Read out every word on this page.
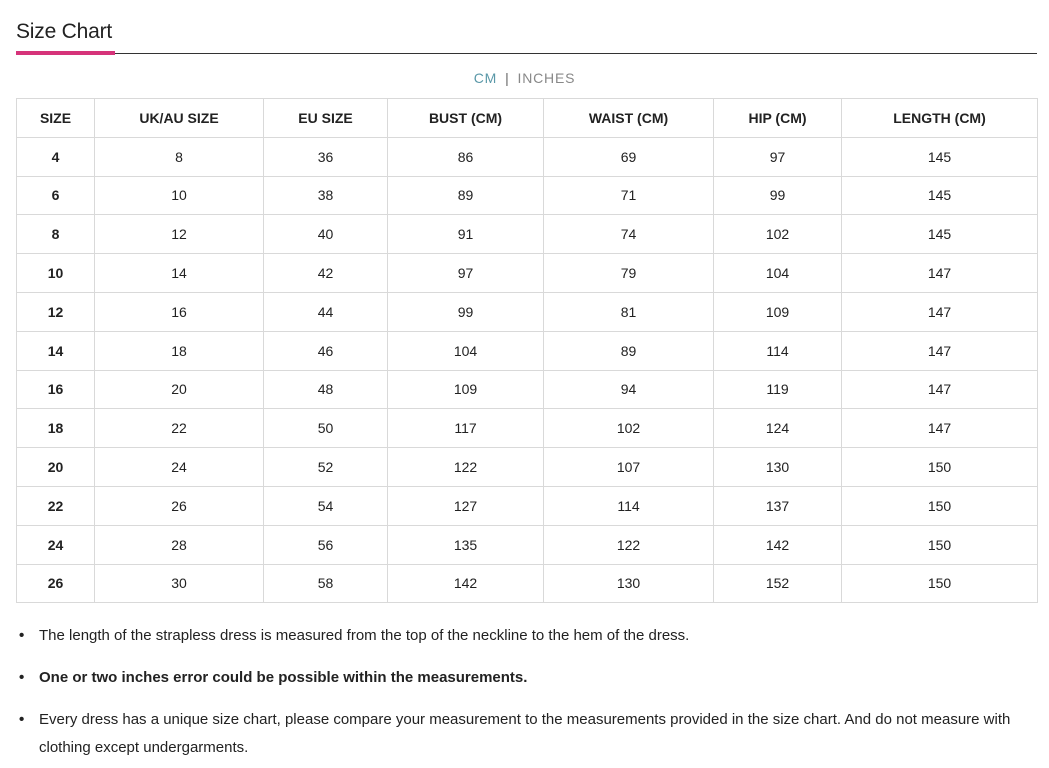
Size Chart
CM | INCHES
SIZE	UK/AU SIZE	EU SIZE	BUST (CM)	WAIST (CM)	HIP (CM)	LENGTH (CM)
4	8	36	86	69	97	145
6	10	38	89	71	99	145
8	12	40	91	74	102	145
10	14	42	97	79	104	147
12	16	44	99	81	109	147
14	18	46	104	89	114	147
16	20	48	109	94	119	147
18	22	50	117	102	124	147
20	24	52	122	107	130	150
22	26	54	127	114	137	150
24	28	56	135	122	142	150
26	30	58	142	130	152	150
• The length of the strapless dress is measured from the top of the neckline to the hem of the dress.
• One or two inches error could be possible within the measurements.
• Every dress has a unique size chart, please compare your measurement to the measurements provided in the size chart. And do not measure with clothing except undergarments.
